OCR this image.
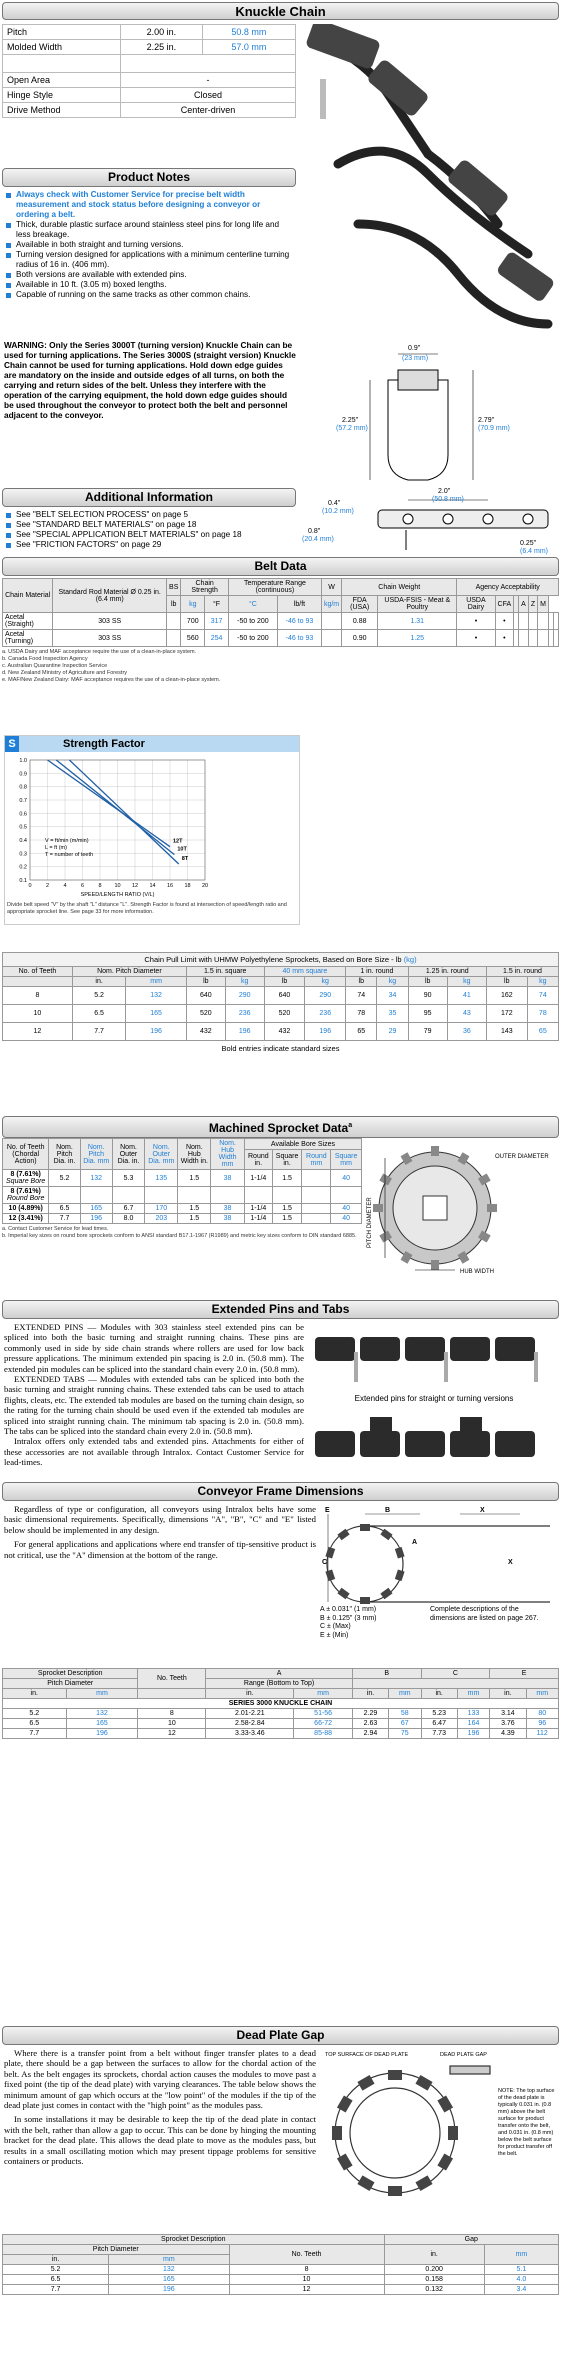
Knuckle Chain
Pitch	2.00 in.	50.8 mm
Molded Width	2.25 in.	57.0 mm

Open Area	-	
Hinge Style	Closed	
Drive Method	Center-driven	
Product Notes
Always check with Customer Service for precise belt width measurement and stock status before designing a conveyor or ordering a belt.
Thick, durable plastic surface around stainless steel pins for long life and less breakage.
Available in both straight and turning versions.
Turning version designed for applications with a minimum centerline turning radius of 16 in. (406 mm).
Both versions are available with extended pins.
Available in 10 ft. (3.05 m) boxed lengths.
Capable of running on the same tracks as other common chains.
WARNING: Only the Series 3000T (turning version) Knuckle Chain can be used for turning applications. The Series 3000S (straight version) Knuckle Chain cannot be used for turning applications. Hold down edge guides are mandatory on the inside and outside edges of all turns, on both the carrying and return sides of the belt. Unless they interfere with the operation of the carrying equipment, the hold down edge guides should be used throughout the conveyor to protect both the belt and personnel adjacent to the conveyor.
0.9"
(23 mm)
2.25"
(57.2 mm)
2.79"
(70.9 mm)
2.0"
(50.8 mm)
0.4"
(10.2 mm)
0.8"
(20.4 mm)
0.25"
(6.4 mm)
Additional Information
See "BELT SELECTION PROCESS" on page 5
See "STANDARD BELT MATERIALS" on page 18
See "SPECIAL APPLICATION BELT MATERIALS" on page 18
See "FRICTION FACTORS" on page 29
Belt Data
Chain Material	Standard Rod Material Ø 0.25 in. (6.4 mm)	BS	Chain Strength		Temperature Range (continuous)		W	Chain Weight		Agency Acceptability							
		lb	kg	°F	°C	lb/ft	kg/m	FDA (USA)	USDA-FSIS - Meat & Poultry	USDA Dairy	CFA		A	Z	M		
Acetal (Straight)	303 SS		700	317	-50 to 200	-46 to 93		0.88	1.31	•	•						
Acetal (Turning)	303 SS		560	254	-50 to 200	-46 to 93		0.90	1.25	•	•						
a. USDA Dairy and MAF acceptance require the use of a clean-in-place system.
b. Canada Food Inspection Agency
c. Australian Quarantine Inspection Service
d. New Zealand Ministry of Agriculture and Forestry
e. MAF/New Zealand Dairy: MAF acceptance requires the use of a clean-in-place system.
S	Strength Factor
1.0
0.9
0.8
0.7
0.6
0.5
0.4
0.3
0.2
0.1
0	2	4	6	8 10 12 14 16 18 20
12T
10T
8T
SPEED/LENGTH RATIO (V/L)
V = ft/min (m/min)
L = ft (m)
T = number of teeth
Divide belt speed "V" by the shaft "L" distance "L". Strength Factor is found at intersection of speed/length ratio and appropriate sprocket line. See page 33 for more information.
Chain Pull Limit with UHMW Polyethylene Sprockets, Based on Bore Size - lb (kg)
No. of Teeth	Nom. Pitch Diameter		1.5 in. square		40 mm square		1 in. round		1.25 in. round		1.5 in. round	
	in.	mm	lb	kg	lb	kg	lb	kg	lb	kg	lb	kg
8	5.2	132	640	290	640	290	74	34	90	41	162	74
10	6.5	165	520	236	520	236	78	35	95	43	172	78
12	7.7	196	432	196	432	196	65	29	79	36	143	65
Bold entries indicate standard sizes
Machined Sprocket Data$^a$
No. of Teeth (Chordal Action)	Nom. Pitch Dia. in.	Nom. Pitch Dia. mm	Nom. Outer Dia. in.	Nom. Outer Dia. mm	Nom. Hub Width in.	Nom. Hub Width mm	Available Bore Sizes			
							Round in.	Square in.	Round mm	Square mm
8 (7.61%)
Square Bore	5.2	132	5.3	135	1.5	38	1-1/4	1.5		40
8 (7.61%)
Round Bore										
10 (4.89%)	6.5	165	6.7	170	1.5	38	1-1/4	1.5		40
12 (3.41%)	7.7	196	8.0	203	1.5	38	1-1/4	1.5		40
a. Contact Customer Service for lead times.
b. Imperial key sizes on round bore sprockets conform to ANSI standard B17.1-1967 (R1989) and metric key sizes conform to DIN standard 6885.
OUTER DIAMETER
PITCH DIAMETER
HUB WIDTH
Extended Pins and Tabs

EXTENDED PINS — Modules with 303 stainless steel extended pins can be spliced into both the basic turning and straight running chains. These pins are commonly used in side by side chain strands where rollers are used for low back pressure applications. The minimum extended pin spacing is 2.0 in. (50.8 mm). The extended pin modules can be spliced into the standard chain every 2.0 in. (50.8 mm).

EXTENDED TABS — Modules with extended tabs can be spliced into both the basic turning and straight running chains. These extended tabs can be used to attach flights, cleats, etc. The extended tab modules are based on the turning chain design, so the rating for the turning chain should be used even if the extended tab modules are spliced into straight running chain. The minimum tab spacing is 2.0 in. (50.8 mm). The tabs can be spliced into the standard chain every 2.0 in. (50.8 mm).

Intralox offers only extended tabs and extended pins. Attachments for either of these accessories are not available through Intralox. Contact Customer Service for lead-times.

Extended pins for straight or turning versions
Conveyor Frame Dimensions

Regardless of type or configuration, all conveyors using Intralox belts have some basic dimensional requirements. Specifically, dimensions "A", "B", "C" and "E" listed below should be implemented in any design.

For general applications and applications where end transfer of tip-sensitive product is not critical, use the "A" dimension at the bottom of the range.

E	B
C
A
X
X
A ± 0.031" (1 mm)
B ± 0.125" (3 mm)
C ± (Max)
E ± (Min)
Complete descriptions of the dimensions are listed on page 267.
Sprocket Description		No. Teeth	A		B		C		E	
Pitch Diameter			Range (Bottom to Top)							
in.	mm		in.	mm	in.	mm	in.	mm	in.	mm
SERIES 3000 KNUCKLE CHAIN										
5.2	132	8	2.01-2.21	51-56	2.29	58	5.23	133	3.14	80
6.5	165	10	2.58-2.84	66-72	2.63	67	6.47	164	3.76	96
7.7	196	12	3.33-3.46	85-88	2.94	75	7.73	196	4.39	112
Dead Plate Gap

Where there is a transfer point from a belt without finger transfer plates to a dead plate, there should be a gap between the surfaces to allow for the chordal action of the belt. As the belt engages its sprockets, chordal action causes the modules to move past a fixed point (the tip of the dead plate) with varying clearances. The table below shows the minimum amount of gap which occurs at the "low point" of the modules if the tip of the dead plate just comes in contact with the "high point" as the modules pass.

In some installations it may be desirable to keep the tip of the dead plate in contact with the belt, rather than allow a gap to occur. This can be done by hinging the mounting bracket for the dead plate. This allows the dead plate to move as the modules pass, but results in a small oscillating motion which may present tippage problems for sensitive containers or products.

TOP SURFACE OF DEAD PLATE	DEAD PLATE GAP
NOTE: The top surface of the dead plate is typically 0.031 in. (0.8 mm) above the belt surface for product transfer onto the belt, and 0.031 in. (0.8 mm) below the belt surface for product transfer off the belt.
Sprocket Description			Gap	
Pitch Diameter		No. Teeth	in.	mm
in.	mm			
5.2	132	8	0.200	5.1
6.5	165	10	0.158	4.0
7.7	196	12	0.132	3.4
